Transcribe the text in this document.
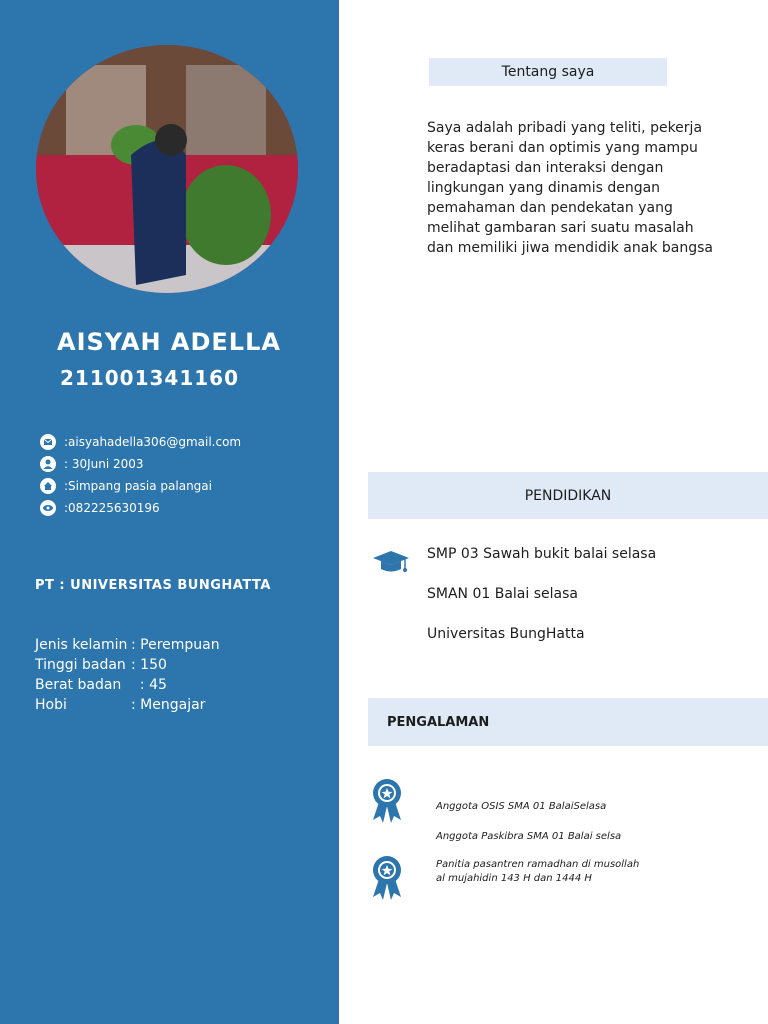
AISYAH ADELLA
211001341160
:aisyahadella306@gmail.com
: 30Juni 2003
:Simpang pasia palangai
:082225630196
PT : UNIVERSITAS BUNGHATTA
Jenis kelamin : Perempuan
Tinggi badan : 150
Berat badan : 45
Hobi	: Mengajar
Tentang saya
Saya adalah pribadi yang teliti, pekerja keras berani dan optimis yang mampu beradaptasi dan interaksi dengan lingkungan yang dinamis dengan pemahaman dan pendekatan yang melihat gambaran sari suatu masalah dan memiliki jiwa mendidik anak bangsa
PENDIDIKAN
SMP 03 Sawah bukit balai selasa
SMAN 01 Balai selasa
Universitas BungHatta
PENGALAMAN
Anggota OSIS SMA 01 BalaiSelasa
Anggota Paskibra SMA 01 Balai selsa
Panitia pasantren ramadhan di musollah
al mujahidin 143 H dan 1444 H
